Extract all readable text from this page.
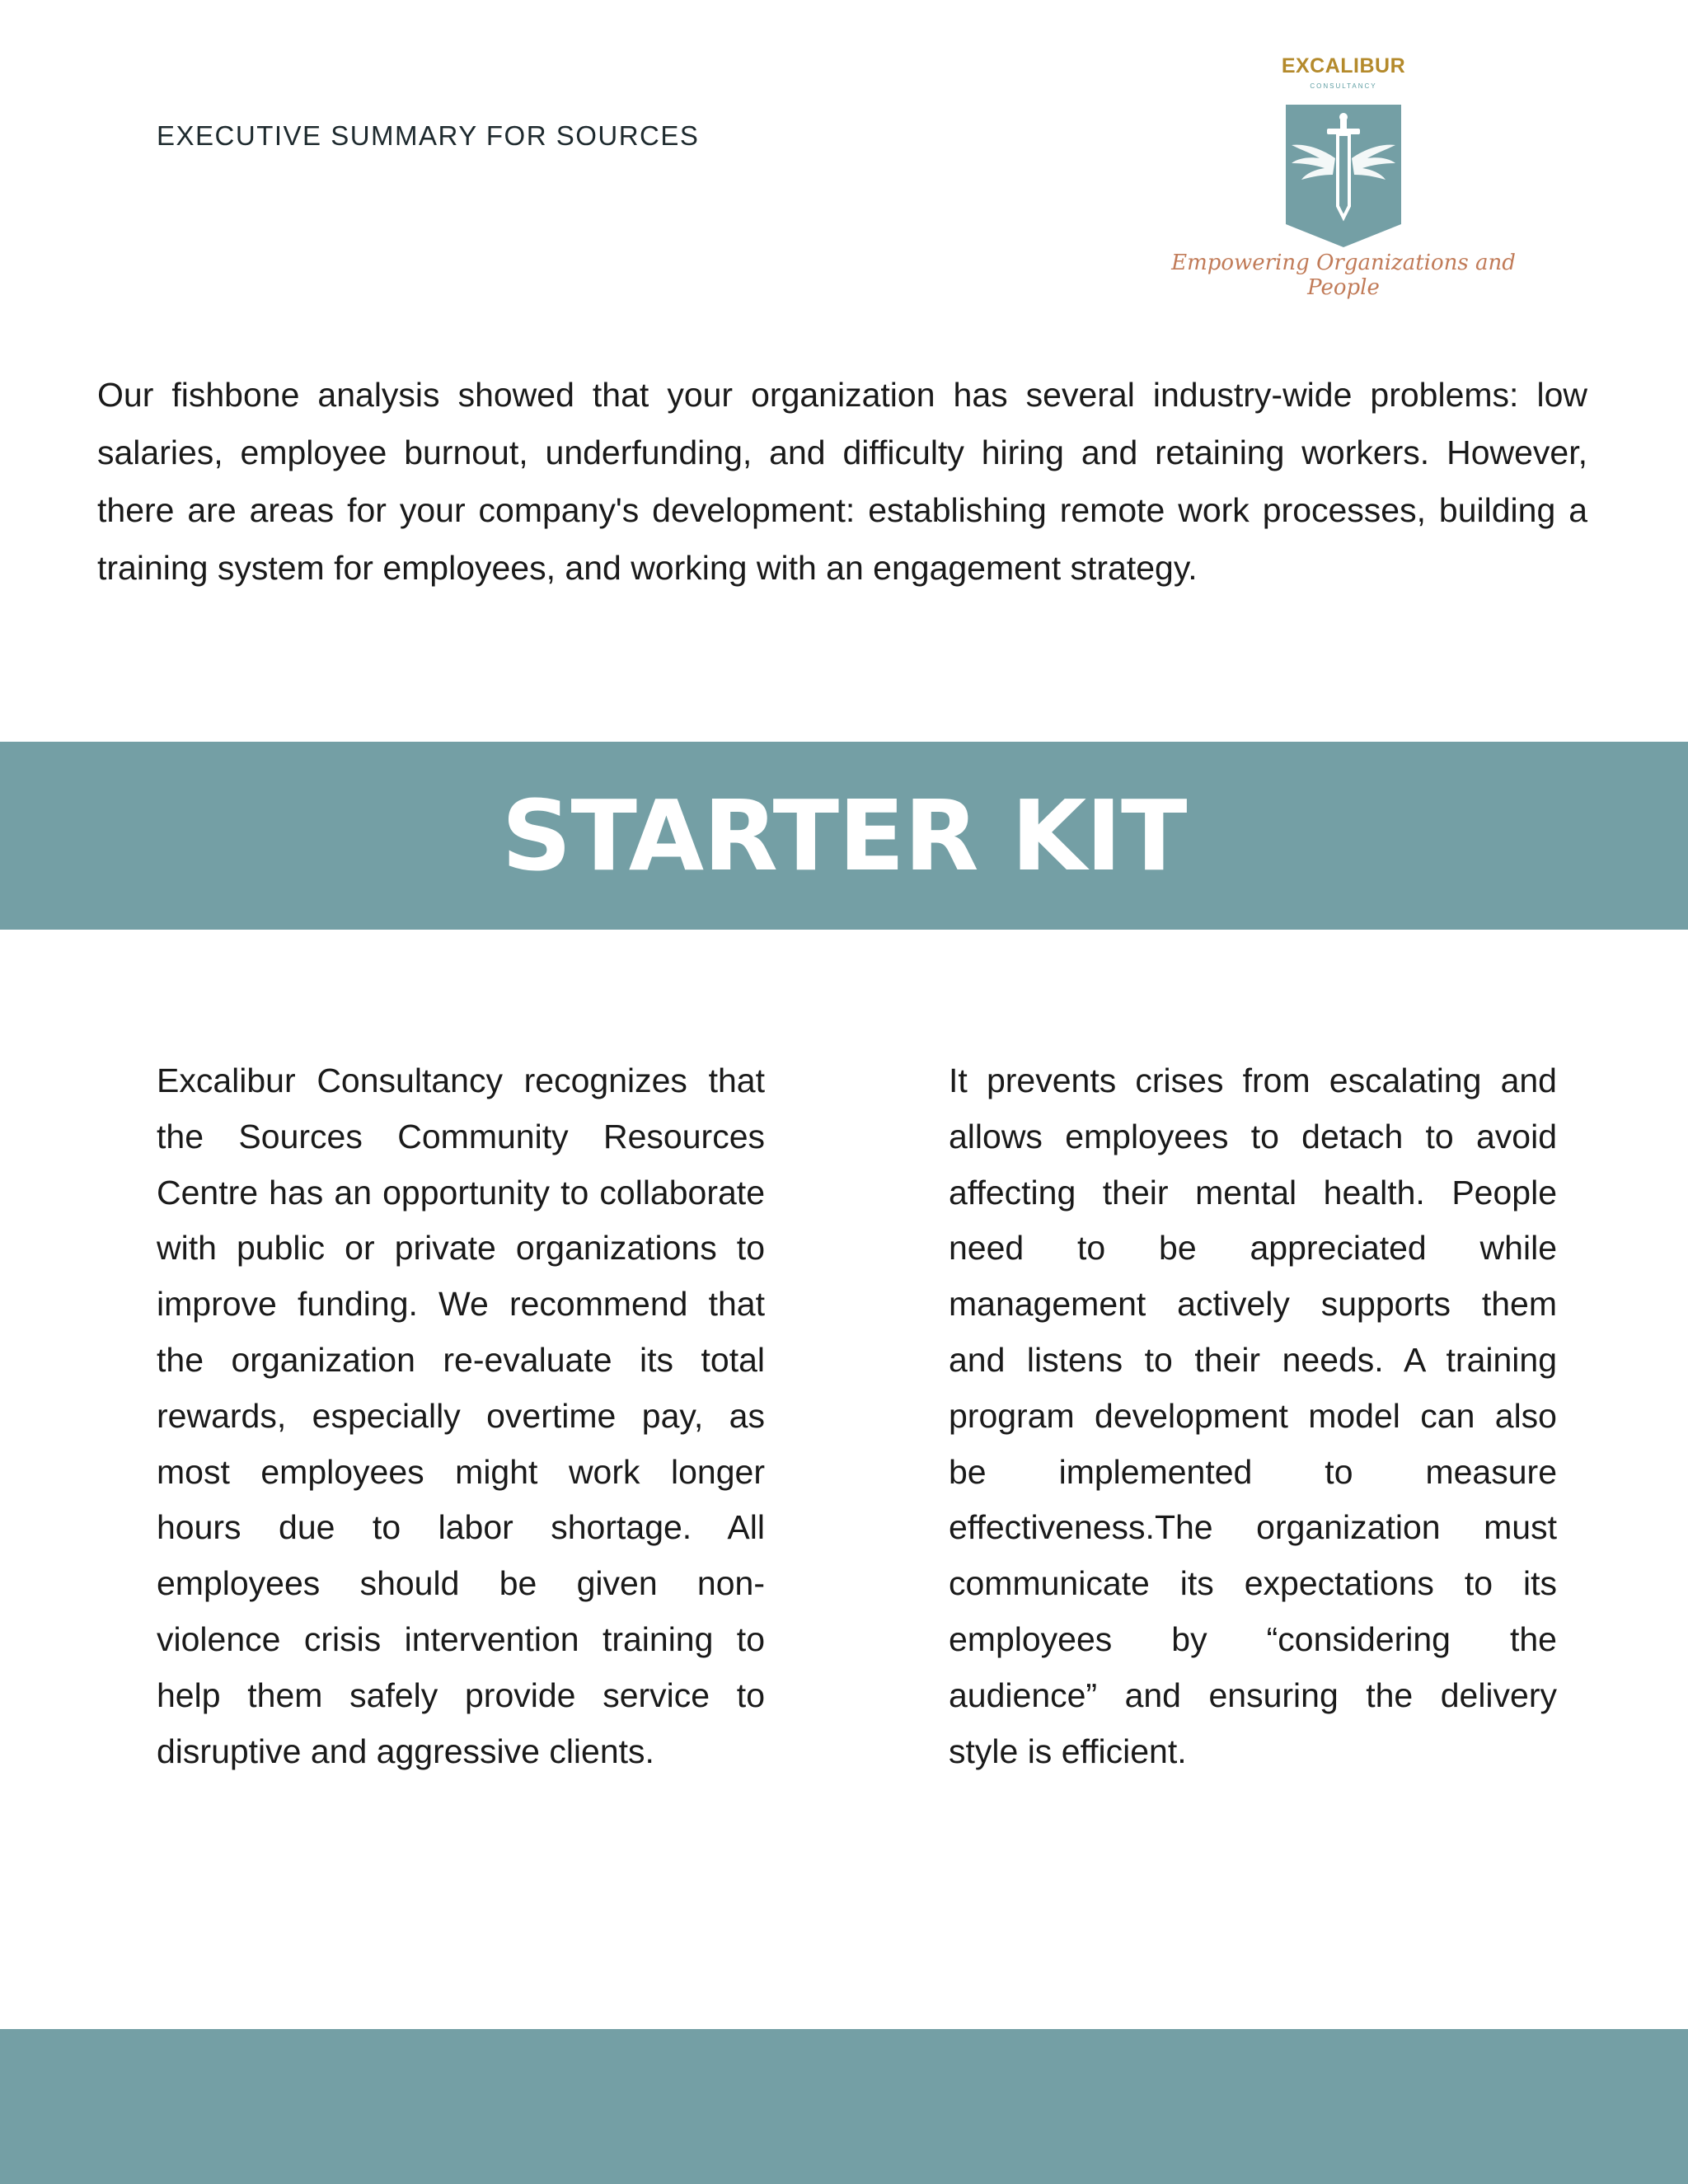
EXECUTIVE SUMMARY FOR SOURCES
EXCALIBUR
CONSULTANCY
Empowering Organizations and People

Our fishbone analysis showed that your organization has several industry-wide problems: low salaries, employee burnout, underfunding, and difficulty hiring and retaining workers. However, there are areas for your company's development: establishing remote work processes, building a training system for employees, and working with an engagement strategy.

STARTER KIT

Excalibur Consultancy recognizes that the Sources Community Resources Centre has an opportunity to collaborate with public or private organizations to improve funding. We recommend that the organization re-evaluate its total rewards, especially overtime pay, as most employees might work longer hours due to labor shortage. All employees should be given non-violence crisis intervention training to help them safely provide service to disruptive and aggressive clients.

It prevents crises from escalating and allows employees to detach to avoid affecting their mental health. People need to be appreciated while management actively supports them and listens to their needs. A training program development model can also be implemented to measure effectiveness.The organization must communicate its expectations to its employees by “considering the audience” and ensuring the delivery style is efficient.
